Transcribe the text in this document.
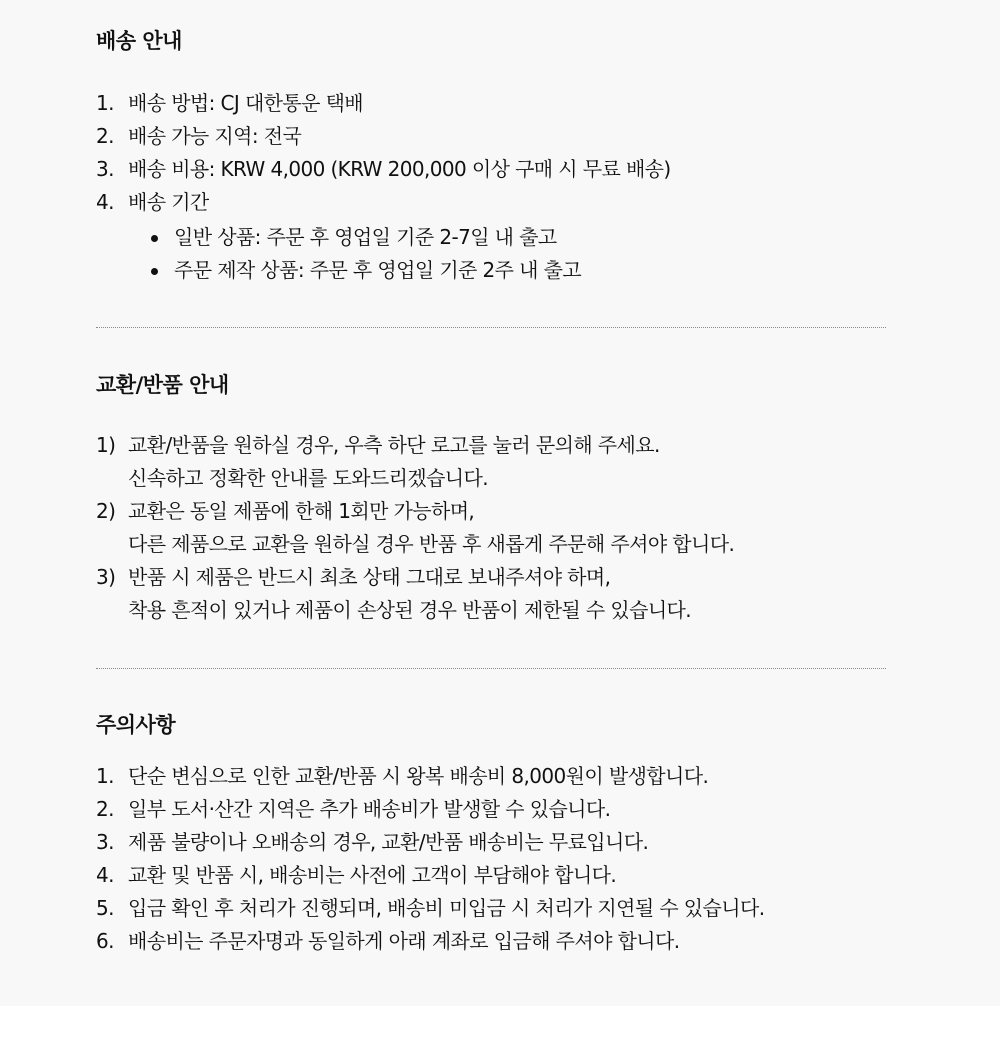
배송 안내
1. 배송 방법: CJ 대한통운 택배
2. 배송 가능 지역: 전국
3. 배송 비용: KRW 4,000 (KRW 200,000 이상 구매 시 무료 배송)
4. 배송 기간
일반 상품: 주문 후 영업일 기준 2-7일 내 출고
주문 제작 상품: 주문 후 영업일 기준 2주 내 출고
교환/반품 안내
1) 교환/반품을 원하실 경우, 우측 하단 로고를 눌러 문의해 주세요.
신속하고 정확한 안내를 도와드리겠습니다.
2) 교환은 동일 제품에 한해 1회만 가능하며,
다른 제품으로 교환을 원하실 경우 반품 후 새롭게 주문해 주셔야 합니다.
3) 반품 시 제품은 반드시 최초 상태 그대로 보내주셔야 하며,
착용 흔적이 있거나 제품이 손상된 경우 반품이 제한될 수 있습니다.
주의사항
1. 단순 변심으로 인한 교환/반품 시 왕복 배송비 8,000원이 발생합니다.
2. 일부 도서·산간 지역은 추가 배송비가 발생할 수 있습니다.
3. 제품 불량이나 오배송의 경우, 교환/반품 배송비는 무료입니다.
4. 교환 및 반품 시, 배송비는 사전에 고객이 부담해야 합니다.
5. 입금 확인 후 처리가 진행되며, 배송비 미입금 시 처리가 지연될 수 있습니다.
6. 배송비는 주문자명과 동일하게 아래 계좌로 입금해 주셔야 합니다.
